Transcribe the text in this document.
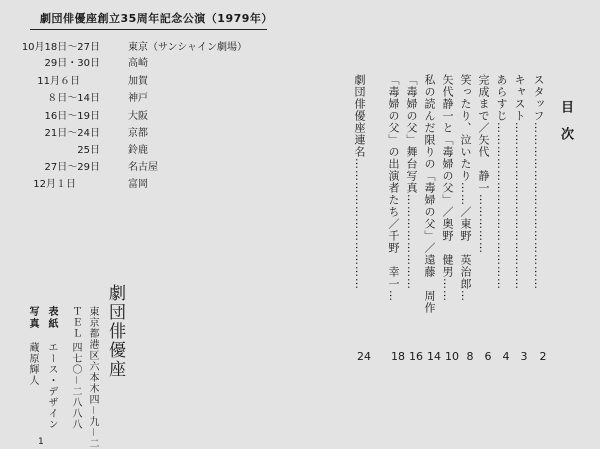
劇団俳優座創立35周年記念公演（1979年）
10月18日～27日	東京（サンシャイン劇場）
29日・30日	高崎
11月６日	加賀
８日～14日	神戸
16日～19日	大阪
21日～24日	京都
25日	鈴鹿
27日～29日	名古屋
12月１日	富岡
劇団俳優座
東京都港区六本木四－九－二
ＴＥＬ
四七〇－二八八八
表紙
エース・デザイン
写真
蔵原輝人
1
目次
スタッフ……………………………………
2
キャスト……………………………………
3
あらすじ……………………………………
4
完成まで／矢代　静一……………
6
笑ったり、泣いたり……／東野　英治郎…
8
矢代静一と「毒婦の父」／奥野　健男……
10
私の読んだ限りの「毒婦の父」／遠藤　周作
14
「毒婦の父」舞台写真……………………
16
「毒婦の父」の出演者たち／千野　幸一…
18
劇団俳優座連名……………………………
24
